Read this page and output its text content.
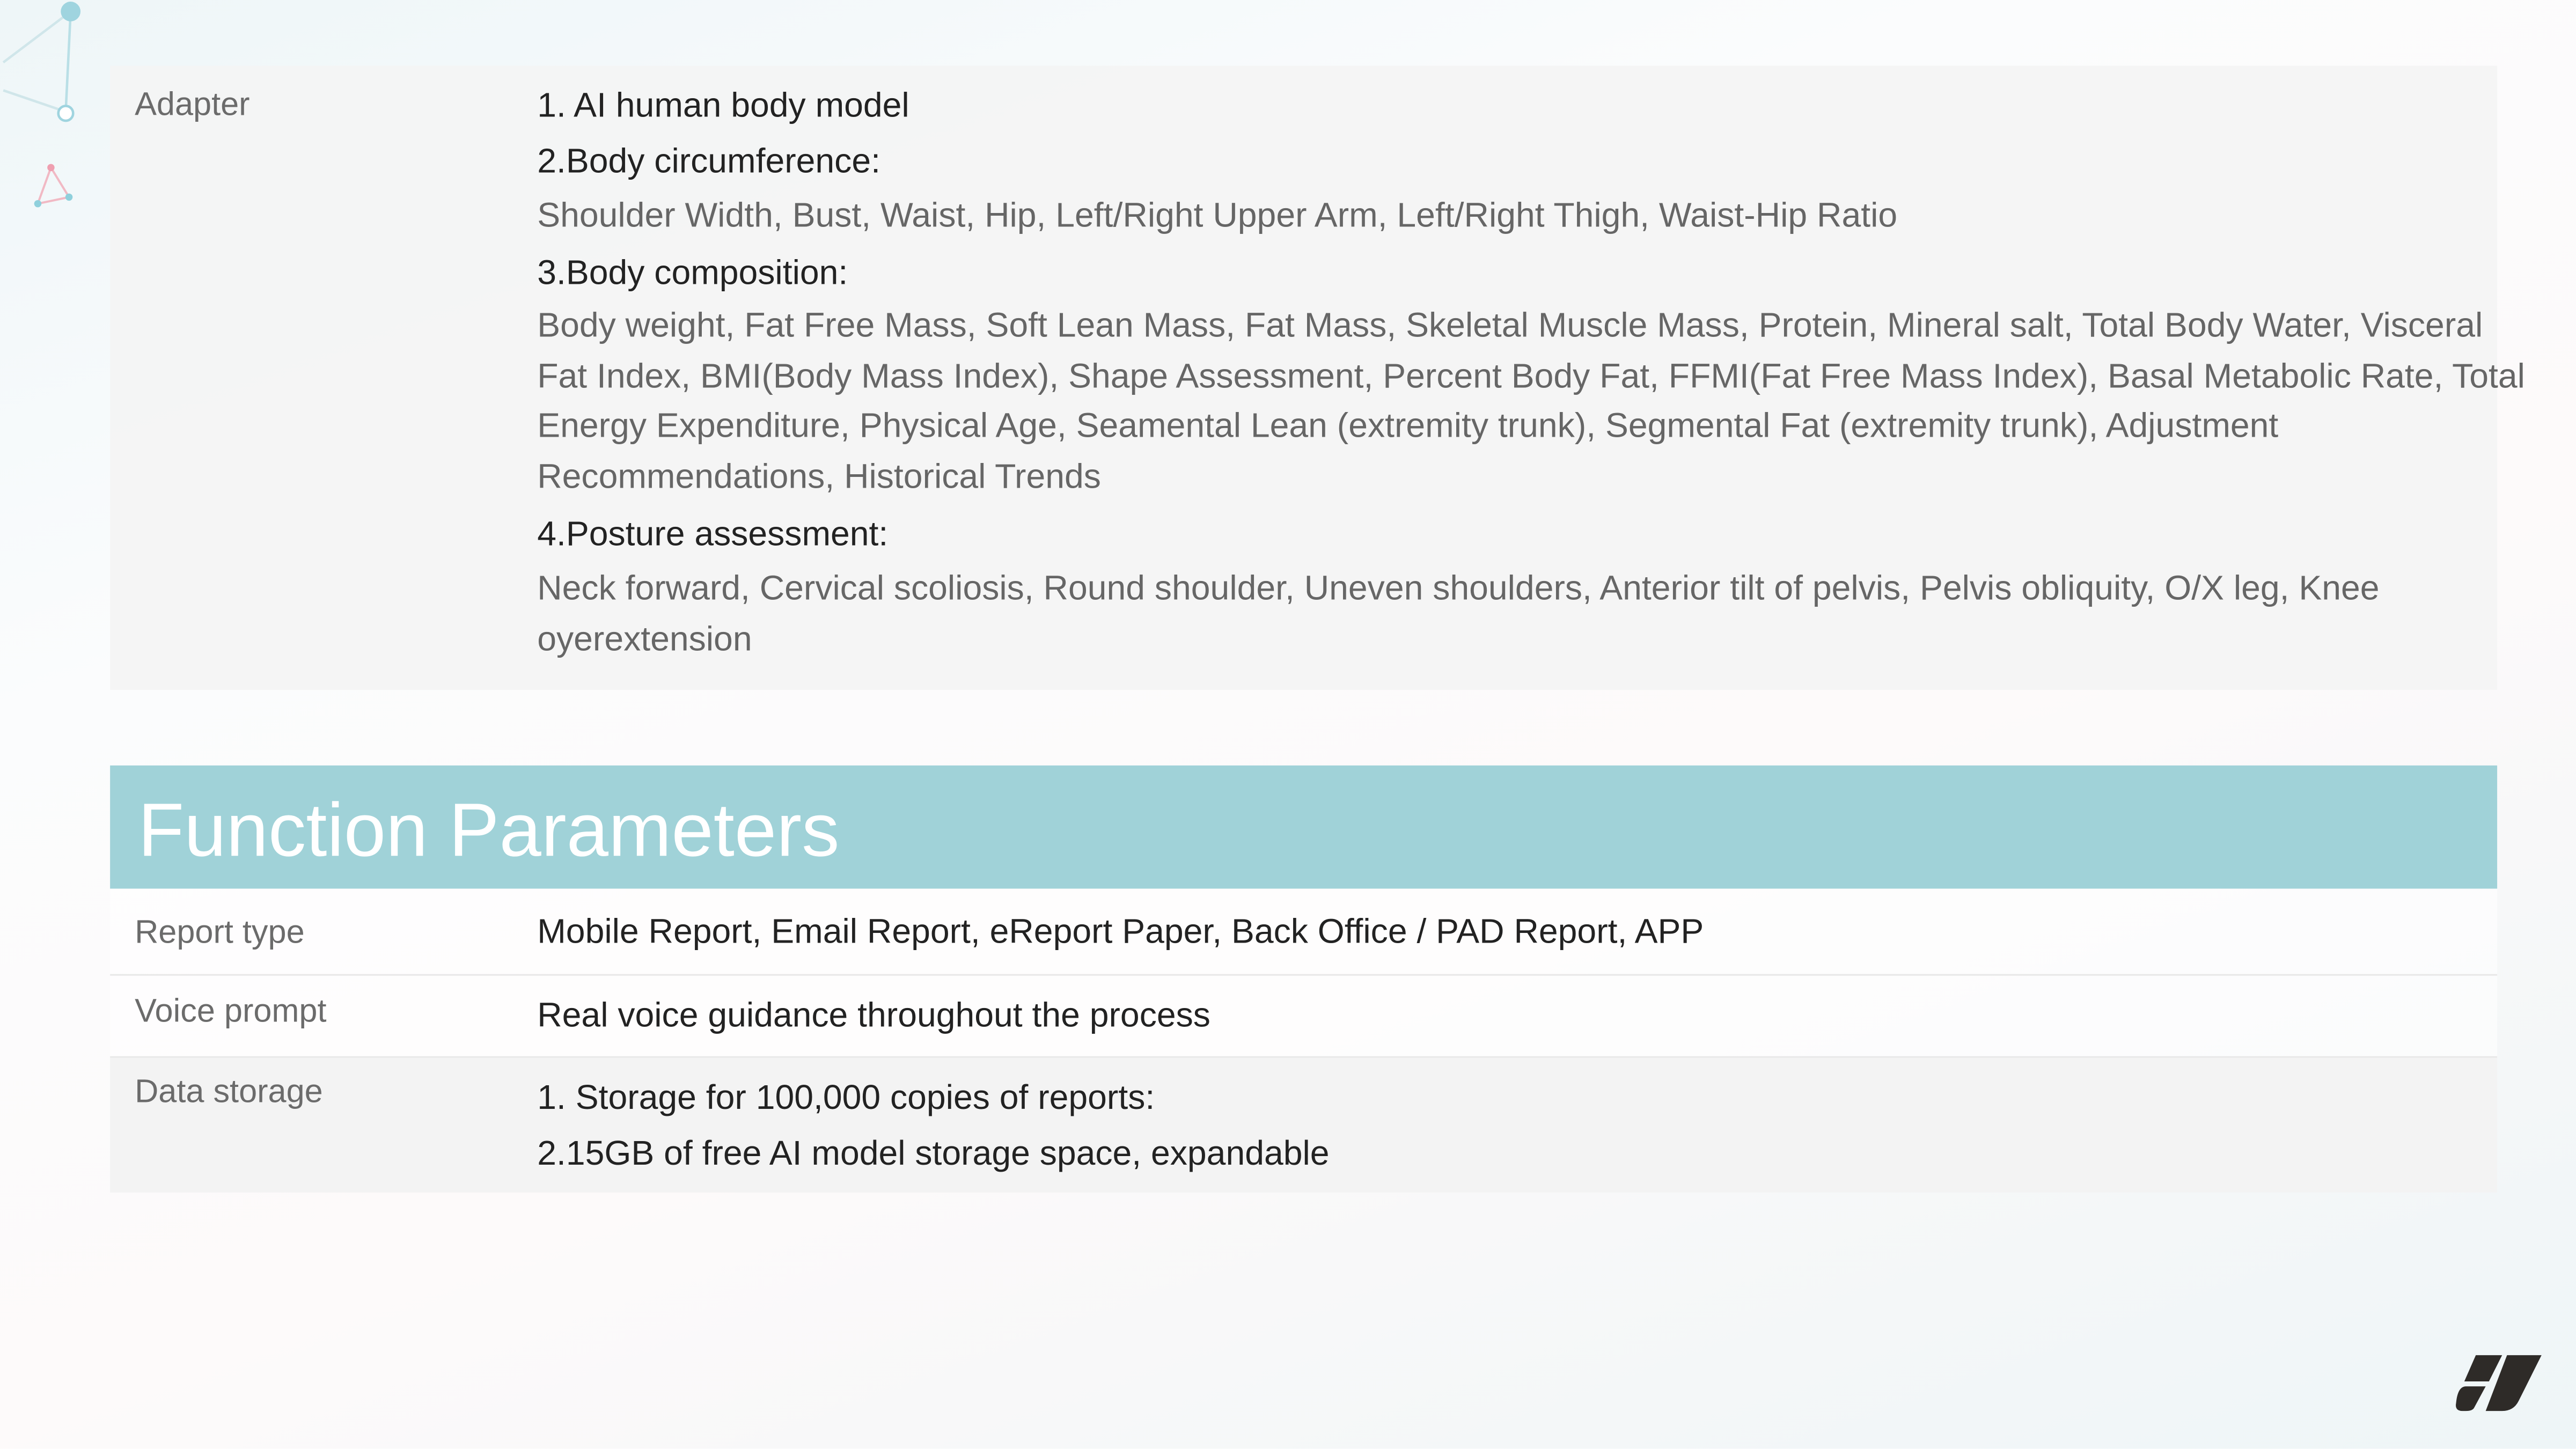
Adapter	1. AI human body model
2.Body circumference:
Shoulder Width, Bust, Waist, Hip, Left/Right Upper Arm, Left/Right Thigh, Waist-Hip Ratio
3.Body composition:
Body weight, Fat Free Mass, Soft Lean Mass, Fat Mass, Skeletal Muscle Mass, Protein, Mineral salt, Total Body Water, Visceral Fat Index, BMI(Body Mass Index), Shape Assessment, Percent Body Fat, FFMI(Fat Free Mass Index), Basal Metabolic Rate, Total Energy Expenditure, Physical Age, Seamental Lean (extremity trunk), Segmental Fat (extremity trunk), Adjustment Recommendations, Historical Trends
4.Posture assessment:
Neck forward, Cervical scoliosis, Round shoulder, Uneven shoulders, Anterior tilt of pelvis, Pelvis obliquity, O/X leg, Knee oyerextension
Function Parameters
Report type	Mobile Report, Email Report, eReport Paper, Back Office / PAD Report, APP
Voice prompt	Real voice guidance throughout the process
Data storage	1. Storage for 100,000 copies of reports:
2.15GB of free AI model storage space, expandable
